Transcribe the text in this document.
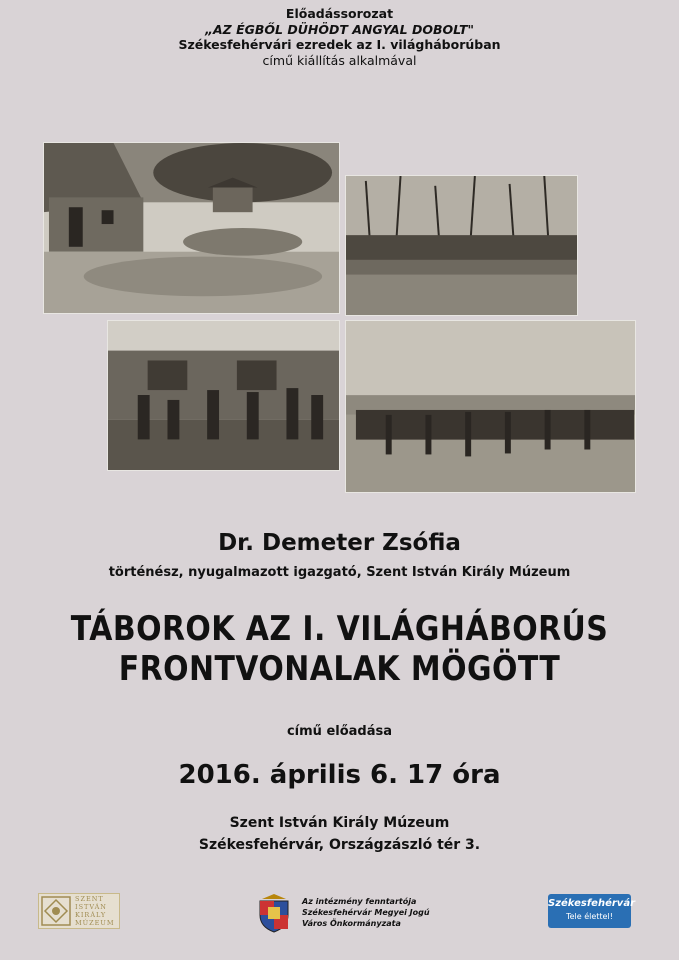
Előadássorozat
„AZ ÉGBŐL DÜHÖDT ANGYAL DOBOLT"
Székesfehérvári ezredek az I. világháborúban
című kiállítás alkalmával
Dr. Demeter Zsófia
történész, nyugalmazott igazgató, Szent István Király Múzeum
TÁBOROK AZ I. VILÁGHÁBORÚS
FRONTVONALAK MÖGÖTT
című előadása
2016. április 6. 17 óra
Szent István Király Múzeum
Székesfehérvár, Országzászló tér 3.
SZENT
ISTVÁN
KIRÁLY
MÚZEUM
Az intézmény fenntartója
Székesfehérvár Megyei Jogú
Város Önkormányzata
Székesfehérvár
Tele élettel!
